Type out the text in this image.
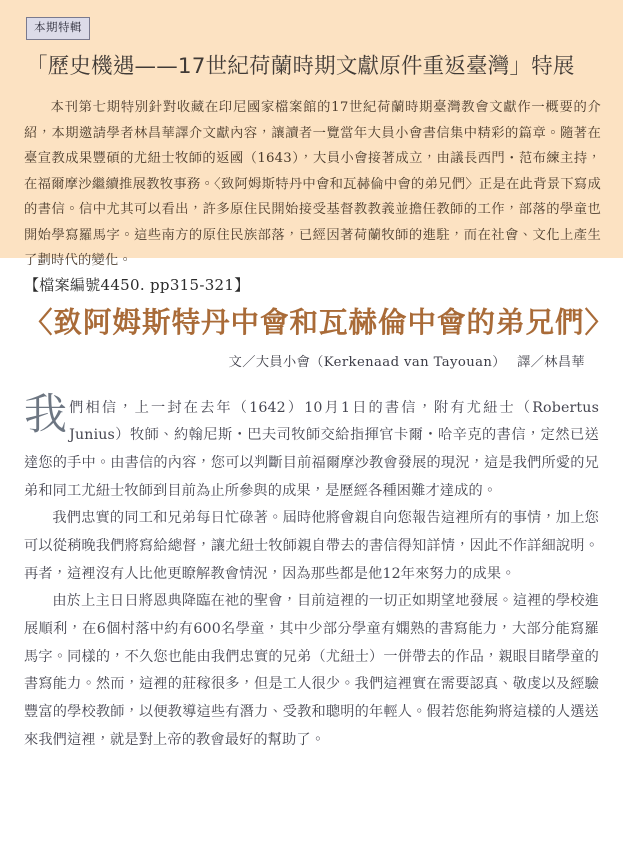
本期特輯
「歷史機遇——17世紀荷蘭時期文獻原件重返臺灣」特展

本刊第七期特別針對收藏在印尼國家檔案館的17世紀荷蘭時期臺灣教會文獻作一概要的介紹，本期邀請學者林昌華譯介文獻內容，讓讀者一覽當年大員小會書信集中精彩的篇章。隨著在臺宣教成果豐碩的尤紐士牧師的返國（1643），大員小會接著成立，由議長西門・范布練主持，在福爾摩沙繼續推展教牧事務。〈致阿姆斯特丹中會和瓦赫倫中會的弟兄們〉正是在此背景下寫成的書信。信中尤其可以看出，許多原住民開始接受基督教教義並擔任教師的工作，部落的學童也開始學寫羅馬字。這些南方的原住民族部落，已經因著荷蘭牧師的進駐，而在社會、文化上產生了劃時代的變化。

【檔案編號4450. pp315-321】
〈致阿姆斯特丹中會和瓦赫倫中會的弟兄們〉
文／大員小會（Kerkenaad van Tayouan） 譯／林昌華

我們相信，上一封在去年（1642）10月1日的書信，附有尤紐士（Robertus Junius）牧師、約翰尼斯・巴夫司牧師交給指揮官卡爾・哈辛克的書信，定然已送達您的手中。由書信的內容，您可以判斷目前福爾摩沙教會發展的現況，這是我們所愛的兄弟和同工尤紐士牧師到目前為止所參與的成果，是歷經各種困難才達成的。

我們忠實的同工和兄弟每日忙碌著。屆時他將會親自向您報告這裡所有的事情，加上您可以從稍晚我們將寫給總督，讓尤紐士牧師親自帶去的書信得知詳情，因此不作詳細說明。再者，這裡沒有人比他更瞭解教會情況，因為那些都是他12年來努力的成果。

由於上主日日將恩典降臨在祂的聖會，目前這裡的一切正如期望地發展。這裡的學校進展順利，在6個村落中約有600名學童，其中少部分學童有嫻熟的書寫能力，大部分能寫羅馬字。同樣的，不久您也能由我們忠實的兄弟（尤紐士）一併帶去的作品，親眼目睹學童的書寫能力。然而，這裡的莊稼很多，但是工人很少。我們這裡實在需要認真、敬虔以及經驗豐富的學校教師，以便教導這些有潛力、受教和聰明的年輕人。假若您能夠將這樣的人選送來我們這裡，就是對上帝的教會最好的幫助了。
